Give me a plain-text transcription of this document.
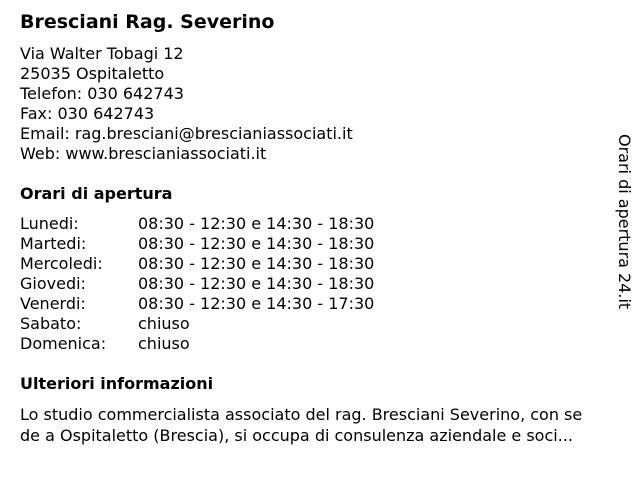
Bresciani Rag. Severino
Via Walter Tobagi 12
25035 Ospitaletto
Telefon: 030 642743
Fax: 030 642743
Email: rag.bresciani@brescianiassociati.it
Web: www.brescianiassociati.it
Orari di apertura
Lunedi:	08:30 - 12:30 e 14:30 - 18:30
Martedi:	08:30 - 12:30 e 14:30 - 18:30
Mercoledi: 08:30 - 12:30 e 14:30 - 18:30
Giovedi:	08:30 - 12:30 e 14:30 - 18:30
Venerdi:	08:30 - 12:30 e 14:30 - 17:30
Sabato:	chiuso
Domenica: chiuso
Ulteriori informazioni
Lo studio commercialista associato del rag. Bresciani Severino, con se
de a Ospitaletto (Brescia), si occupa di consulenza aziendale e soci...
Orari di apertura 24.it
